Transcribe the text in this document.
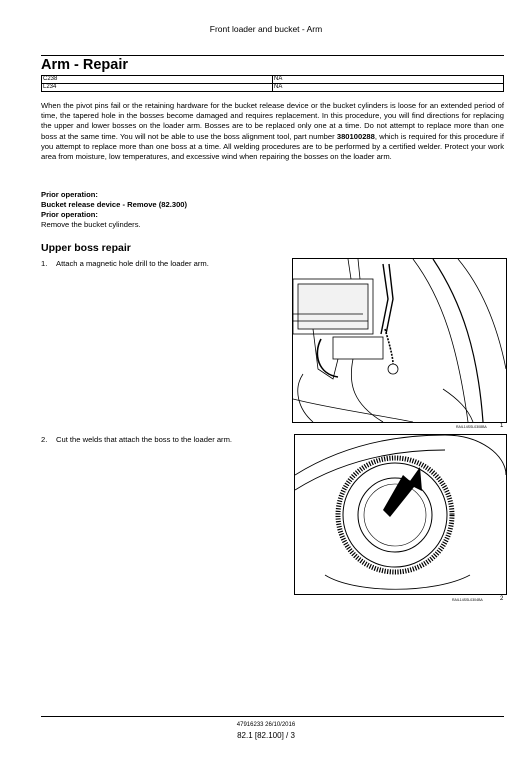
Front loader and bucket - Arm
Arm - Repair
C238	NA
L234	NA

When the pivot pins fail or the retaining hardware for the bucket release device or the bucket cylinders is loose for an extended period of time, the tapered hole in the bosses become damaged and requires replacement. In this procedure, you will find directions for replacing the upper and lower bosses on the loader arm. Bosses are to be replaced only one at a time. Do not attempt to replace more than one boss at the same time. You will not be able to use the boss alignment tool, part number 380100288, which is required for this procedure if you attempt to replace more than one boss at a time. All welding procedures are to be performed by a certified welder. Protect your work area from moisture, low temperatures, and excessive wind when repairing the bosses on the loader arm.

Prior operation:
Bucket release device - Remove (82.300)
Prior operation:
Remove the bucket cylinders.
Upper boss repair
1. Attach a magnetic hole drill to the loader arm.
RAIL14SSL0308BA 1
2. Cut the welds that attach the boss to the loader arm.
RAIL14SSL0304BA	2
47916233 26/10/2016
82.1 [82.100] / 3
